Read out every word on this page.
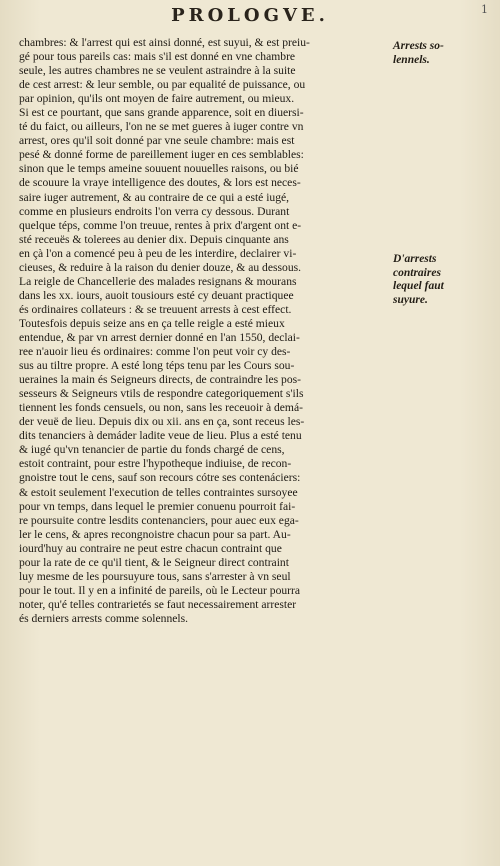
PROLOGVE.	1
Arrests so-
lennels.
D'arrests
contraires
lequel faut
suyure.
chambres: & l'arrest qui est ainsi donné, est suyui, & est preiu-
gé pour tous pareils cas: mais s'il est donné en vne chambre
seule, les autres chambres ne se veulent astraindre à la suite
de cest arrest: & leur semble, ou par equalité de puissance, ou
par opinion, qu'ils ont moyen de faire autrement, ou mieux.
Si est ce pourtant, que sans grande apparence, soit en diuersi-
té du faict, ou ailleurs, l'on ne se met gueres à iuger contre vn
arrest, ores qu'il soit donné par vne seule chambre: mais est
pesé & donné forme de pareillement iuger en ces semblables:
sinon que le temps ameine souuent nouuelles raisons, ou bié
de scouure la vraye intelligence des doutes, & lors est neces-
saire iuger autrement, & au contraire de ce qui a esté iugé,
comme en plusieurs endroits l'on verra cy dessous. Durant
quelque téps, comme l'on treuue, rentes à prix d'argent ont e-
sté receuës & tolerees au denier dix. Depuis cinquante ans
en çà l'on a comencé peu à peu de les interdire, declairer vi-
cieuses, & reduire à la raison du denier douze, & au dessous.
La reigle de Chancellerie des malades resignans & mourans
dans les xx. iours, auoit tousiours esté cy deuant practiquee
és ordinaires collateurs : & se treuuent arrests à cest effect.
Toutesfois depuis seize ans en ça telle reigle a esté mieux
entendue, & par vn arrest dernier donné en l'an 1550, declai-
ree n'auoir lieu és ordinaires: comme l'on peut voir cy des-
sus au tiltre propre. A esté long téps tenu par les Cours sou-
ueraines la main és Seigneurs directs, de contraindre les pos-
sesseurs & Seigneurs vtils de respondre categoriquement s'ils
tiennent les fonds censuels, ou non, sans les receuoir à demá-
der veuë de lieu. Depuis dix ou xii. ans en ça, sont receus les-
dits tenanciers à demáder ladite veue de lieu. Plus a esté tenu
& iugé qu'vn tenancier de partie du fonds chargé de cens,
estoit contraint, pour estre l'hypotheque indiuise, de recon-
gnoistre tout le cens, sauf son recours cótre ses contenáciers:
& estoit seulement l'execution de telles contraintes sursoyee
pour vn temps, dans lequel le premier conuenu pourroit fai-
re poursuite contre lesdits contenanciers, pour auec eux ega-
ler le cens, & apres recongnoistre chacun pour sa part. Au-
iourd'huy au contraire ne peut estre chacun contraint que
pour la rate de ce qu'il tient, & le Seigneur direct contraint
luy mesme de les poursuyure tous, sans s'arrester à vn seul
pour le tout. Il y en a infinité de pareils, où le Lecteur pourra
noter, qu'é telles contrarietés se faut necessairement arrester
és derniers arrests comme solennels.
